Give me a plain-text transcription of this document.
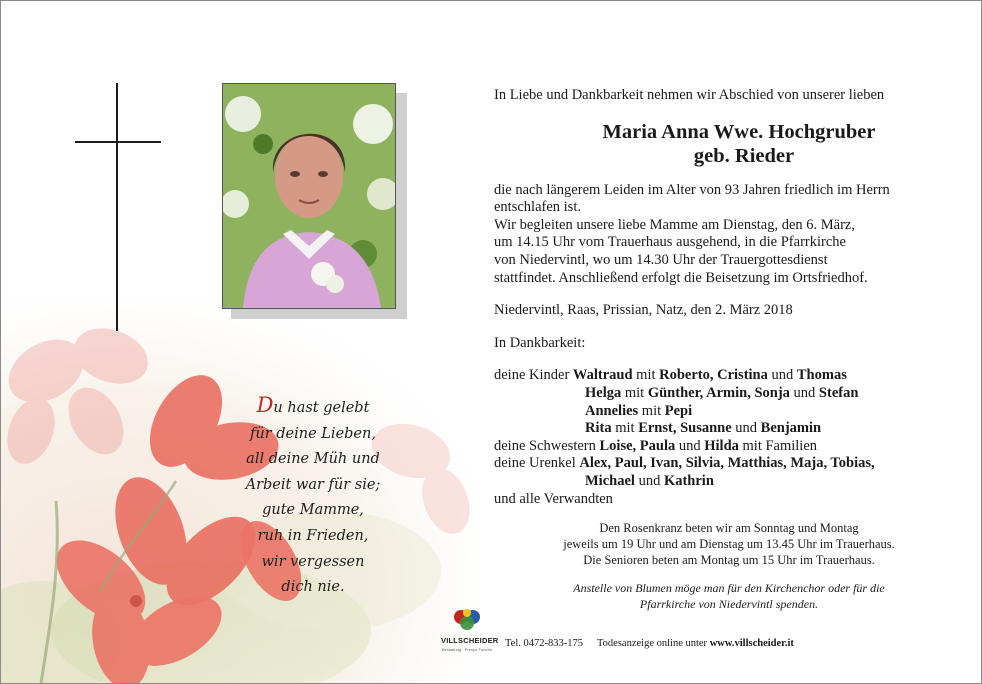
Du hast gelebt
für deine Lieben,
all deine Müh und
Arbeit war für sie;
gute Mamme,
ruh in Frieden,
wir vergessen
dich nie.
In Liebe und Dankbarkeit nehmen wir Abschied von unserer lieben
Maria Anna Wwe. Hochgruber
geb. Rieder
die nach längerem Leiden im Alter von 93 Jahren friedlich im Herrn
entschlafen ist.
Wir begleiten unsere liebe Mamme am Dienstag, den 6. März,
um 14.15 Uhr vom Trauerhaus ausgehend, in die Pfarrkirche
von Niedervintl, wo um 14.30 Uhr der Trauergottesdienst
stattfindet. Anschließend erfolgt die Beisetzung im Ortsfriedhof.
Niedervintl, Raas, Prissian, Natz, den 2. März 2018
In Dankbarkeit:
deine Kinder Waltraud mit Roberto, Cristina und Thomas
Helga mit Günther, Armin, Sonja und Stefan
Annelies mit Pepi
Rita mit Ernst, Susanne und Benjamin
deine Schwestern Loise, Paula und Hilda mit Familien
deine Urenkel Alex, Paul, Ivan, Silvia, Matthias, Maja, Tobias,
Michael und Kathrin
und alle Verwandten
Den Rosenkranz beten wir am Sonntag und Montag
jeweils um 19 Uhr und am Dienstag um 13.45 Uhr im Trauerhaus.
Die Senioren beten am Montag um 15 Uhr im Trauerhaus.
Anstelle von Blumen möge man für den Kirchenchor oder für die
Pfarrkirche von Niedervintl spenden.
VILLSCHEIDER
Bestattung · Pompe Funebri
Tel. 0472-833-175 Todesanzeige online unter www.villscheider.it
